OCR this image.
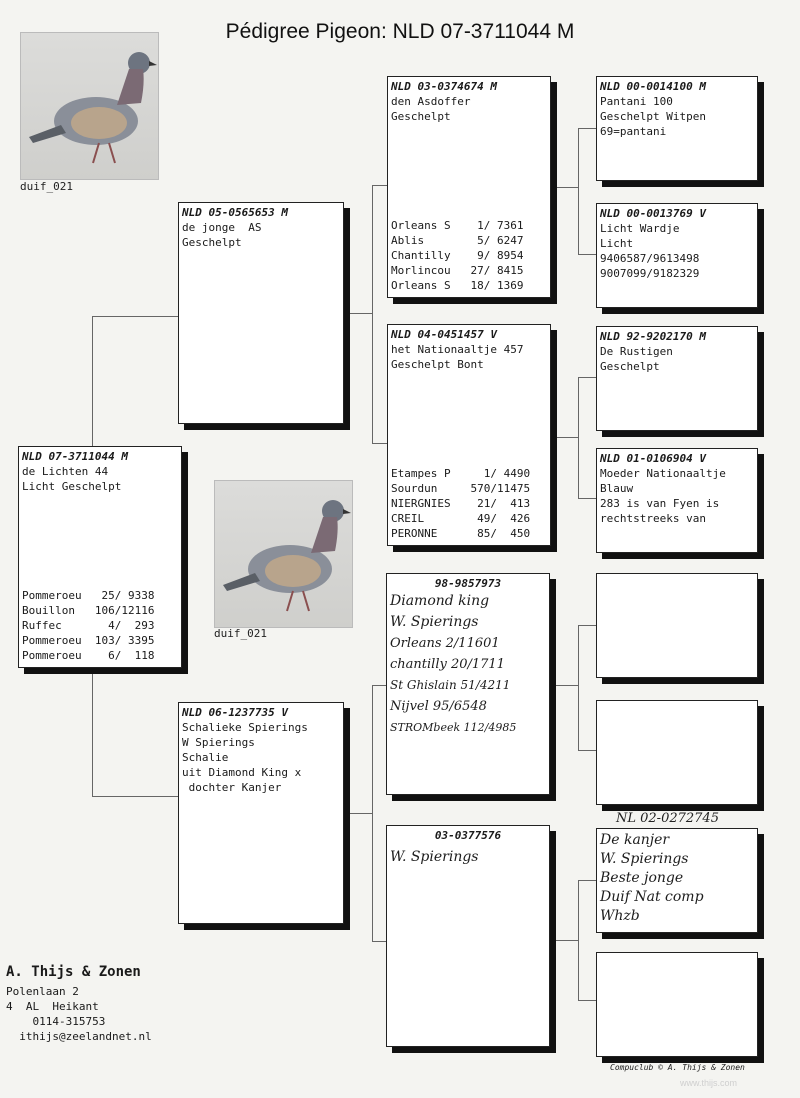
Pédigree Pigeon: NLD 07-3711044 M
duif_021
duif_021
NLD 07-3711044 M
de Lichten 44
Licht Geschelpt
Pommeroeu   25/ 9338
Bouillon   106/12116
Ruffec       4/  293
Pommeroeu  103/ 3395
Pommeroeu    6/  118
NLD 05-0565653 M
de jonge  AS
Geschelpt
NLD 06-1237735 V
Schalieke Spierings
W Spierings
Schalie
uit Diamond King x
dochter Kanjer
NLD 03-0374674 M
den Asdoffer
Geschelpt
Orleans S    1/ 7361
Ablis        5/ 6247
Chantilly    9/ 8954
Morlincou   27/ 8415
Orleans S   18/ 1369
NLD 04-0451457 V
het Nationaaltje 457
Geschelpt Bont
Etampes P     1/ 4490
Sourdun     570/11475
NIERGNIES    21/  413
CREIL        49/  426
PERONNE      85/  450
98-9857973
Diamond king
W. Spierings
Orleans 2/11601
chantilly 20/1711
St Ghislain 51/4211
Nijvel 95/6548
STROMbeek 112/4985
03-0377576
W. Spierings
NLD 00-0014100 M
Pantani 100
Geschelpt Witpen
69=pantani
NLD 00-0013769 V
Licht Wardje
Licht
9406587/9613498
9007099/9182329
NLD 92-9202170 M
De Rustigen
Geschelpt
NLD 01-0106904 V
Moeder Nationaaltje
Blauw
283 is van Fyen is
rechtstreeks van
NL 02-0272745
De kanjer
W. Spierings
Beste jonge
Duif Nat comp
Whzb
A. Thijs & Zonen
Polenlaan 2
4  AL  Heikant
0114-315753
ithijs@zeelandnet.nl
Compuclub © A. Thijs & Zonen
www.thijs.com
